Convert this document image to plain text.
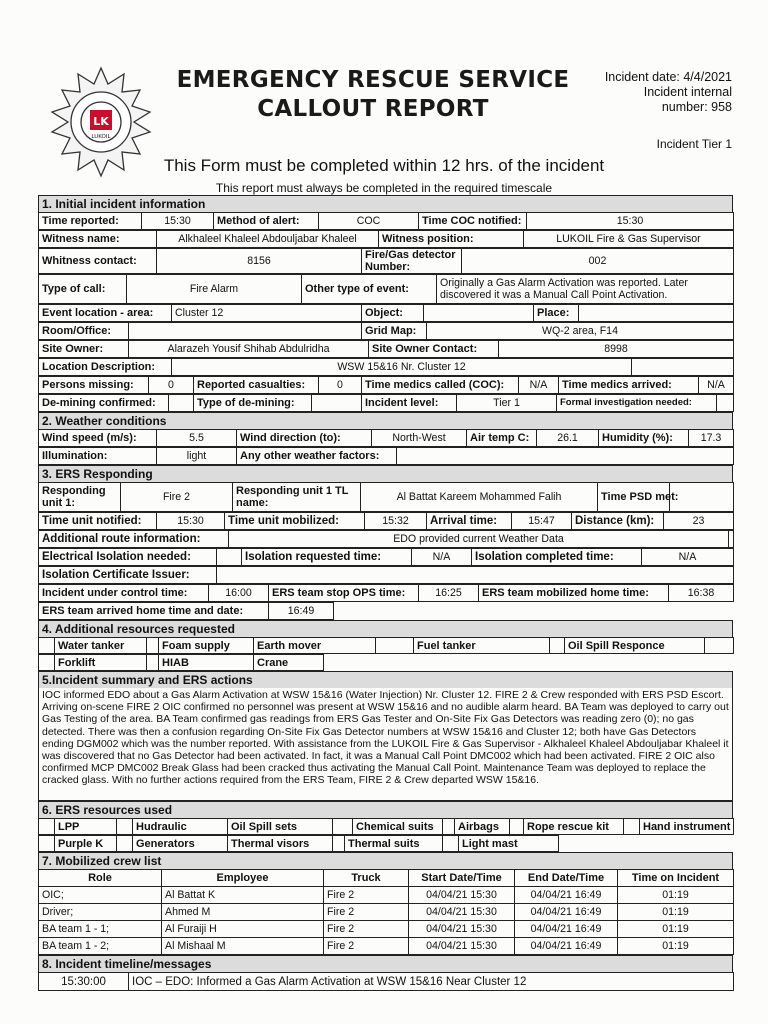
LK
LUKOIL
EMERGENCY RESCUE SERVICE
CALLOUT REPORT
Incident date: 4/4/2021
Incident internal
number: 958
Incident Tier 1
This Form must be completed within 12 hrs. of the incident
This report must always be completed in the required timescale
1. Initial incident information
Time reported:	15:30	Method of alert:	COC	Time COC notified:	15:30
Witness name:	Alkhaleel Khaleel Abdouljabar Khaleel	Witness position:	LUKOIL Fire & Gas Supervisor
Whitness contact:	8156	Fire/Gas detector Number:	002
Type of call:	Fire Alarm	Other type of event:	Originally a Gas Alarm Activation was reported. Later discovered it was a Manual Call Point Activation.
Event location - area:	Cluster 12	Object:		Place:	
Room/Office:		Grid Map:	WQ-2 area, F14
Site Owner:	Alarazeh Yousif Shihab Abdulridha	Site Owner Contact:	8998
Location Description:	WSW 15&16 Nr. Cluster 12	
Persons missing:	0	Reported casualties:	0	Time medics called (COC):	N/A	Time medics arrived:	N/A
De-mining confirmed:		Type of de-mining:		Incident level:	Tier 1	Formal investigation needed:	
2. Weather conditions
Wind speed (m/s):	5.5	Wind direction (to):	North-West	Air temp C:	26.1	Humidity (%):	17.3
Illumination:	light	Any other weather factors:	
3. ERS Responding
Responding unit 1:	Fire 2	Responding unit 1 TL name:	Al Battat Kareem Mohammed Falih	Time PSD met:	
Time unit notified:	15:30	Time unit mobilized:	15:32	Arrival time:	15:47	Distance (km):	23
Additional route information:	EDO provided current Weather Data	
Electrical Isolation needed:		Isolation requested time:	N/A	Isolation completed time:	N/A
Isolation Certificate Issuer:	
Incident under control time:	16:00	ERS team stop OPS time:	16:25	ERS team mobilized home time:	16:38
ERS team arrived home time and date:	16:49
4. Additional resources requested
	Water tanker		Foam supply	Earth mover		Fuel tanker		Oil Spill Responce	
	Forklift		HIAB	Crane
5.Incident summary and ERS actions
IOC informed EDO about a Gas Alarm Activation at WSW 15&16 (Water Injection) Nr. Cluster 12. FIRE 2 & Crew responded with ERS PSD Escort. Arriving on-scene FIRE 2 OIC confirmed no personnel was present at WSW 15&16 and no audible alarm heard. BA Team was deployed to carry out Gas Testing of the area. BA Team confirmed gas readings from ERS Gas Tester and On-Site Fix Gas Detectors was reading zero (0); no gas detected. There was then a confusion regarding On-Site Fix Gas Detector numbers at WSW 15&16 and Cluster 12; both have Gas Detectors ending DGM002 which was the number reported. With assistance from the LUKOIL Fire & Gas Supervisor - Alkhaleel Khaleel Abdouljabar Khaleel it was discovered that no Gas Detector had been activated. In fact, it was a Manual Call Point DMC002 which had been activated. FIRE 2 OIC also confirmed MCP DMC002 Break Glass had been cracked thus activating the Manual Call Point. Maintenance Team was deployed to replace the cracked glass. With no further actions required from the ERS Team, FIRE 2 & Crew departed WSW 15&16.
6. ERS resources used
	LPP		Hudraulic	Oil Spill sets		Chemical suits		Airbags		Rope rescue kit		Hand instrument
	Purple K		Generators	Thermal visors		Thermal suits		Light mast
7. Mobilized crew list
Role	Employee	Truck	Start Date/Time	End Date/Time	Time on Incident
OIC;	Al Battat K	Fire 2	04/04/21 15:30	04/04/21 16:49	01:19
Driver;	Ahmed M	Fire 2	04/04/21 15:30	04/04/21 16:49	01:19
BA team 1 - 1;	Al Furaiji H	Fire 2	04/04/21 15:30	04/04/21 16:49	01:19
BA team 1 - 2;	Al Mishaal M	Fire 2	04/04/21 15:30	04/04/21 16:49	01:19
8. Incident timeline/messages
15:30:00	IOC – EDO: Informed a Gas Alarm Activation at WSW 15&16 Near Cluster 12
